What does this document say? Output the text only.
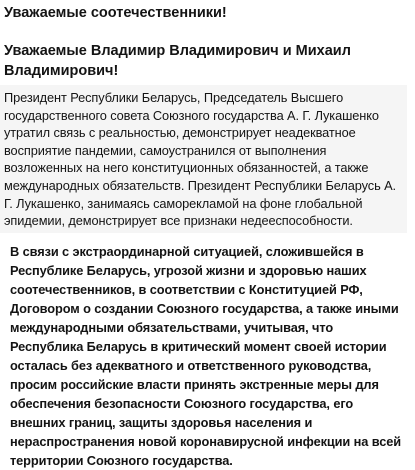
Уважаемые соотечественники!

Уважаемые Владимир Владимирович и Михаил Владимирович!

Президент Республики Беларусь, Председатель Высшего государственного совета Союзного государства А. Г. Лукашенко утратил связь с реальностью, демонстрирует неадекватное восприятие пандемии, самоустранился от выполнения возложенных на него конституционных обязанностей, а также международных обязательств. Президент Республики Беларусь А. Г. Лукашенко, занимаясь саморекламой на фоне глобальной эпидемии, демонстрирует все признаки недееспособности.

В связи с экстраординарной ситуацией, сложившейся в Республике Беларусь, угрозой жизни и здоровью наших соотечественников, в соответствии с Конституцией РФ, Договором о создании Союзного государства, а также иными международными обязательствами, учитывая, что Республика Беларусь в критический момент своей истории осталась без адекватного и ответственного руководства, просим российские власти принять экстренные меры для обеспечения безопасности Союзного государства, его внешних границ, защиты здоровья населения и нераспространения новой коронавирусной инфекции на всей территории Союзного государства.
